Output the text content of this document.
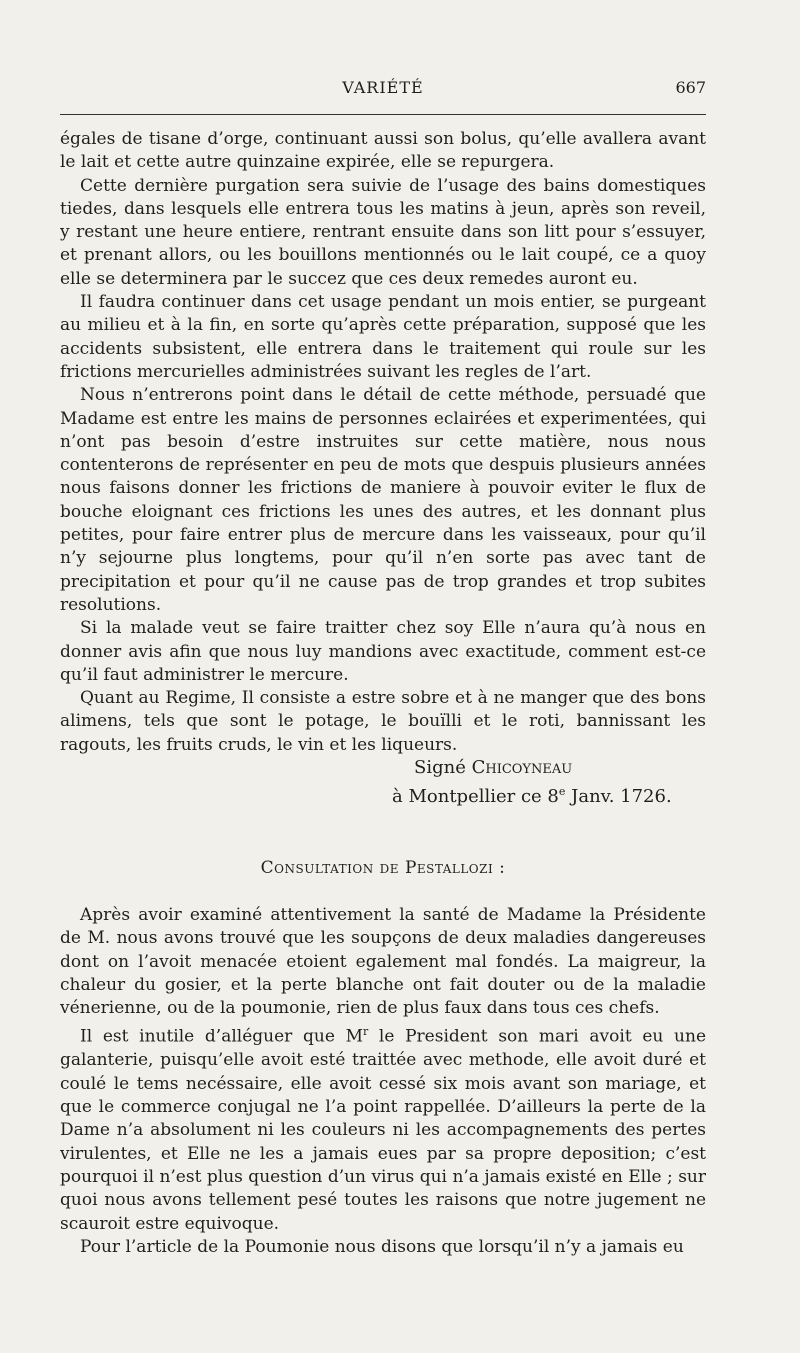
VARIÉTÉ	667

égales de tisane d’orge, continuant aussi son bolus, qu’elle avallera avant le lait et cette autre quinzaine expirée, elle se repurgera.

Cette dernière purgation sera suivie de l’usage des bains domestiques tiedes, dans lesquels elle entrera tous les matins à jeun, après son reveil, y restant une heure entiere, rentrant ensuite dans son litt pour s’essuyer, et prenant allors, ou les bouillons mentionnés ou le lait coupé, ce a quoy elle se determinera par le succez que ces deux remedes auront eu.

Il faudra continuer dans cet usage pendant un mois entier, se purgeant au milieu et à la fin, en sorte qu’après cette préparation, supposé que les accidents subsistent, elle entrera dans le traitement qui roule sur les frictions mercurielles administrées suivant les regles de l’art.

Nous n’entrerons point dans le détail de cette méthode, persuadé que Madame est entre les mains de personnes eclairées et experimentées, qui n’ont pas besoin d’estre instruites sur cette matière, nous nous contenterons de représenter en peu de mots que despuis plusieurs années nous faisons donner les frictions de maniere à pouvoir eviter le flux de bouche eloignant ces frictions les unes des autres, et les donnant plus petites, pour faire entrer plus de mercure dans les vaisseaux, pour qu’il n’y sejourne plus longtems, pour qu’il n’en sorte pas avec tant de precipitation et pour qu’il ne cause pas de trop grandes et trop subites resolutions.

Si la malade veut se faire traitter chez soy Elle n’aura qu’à nous en donner avis afin que nous luy mandions avec exactitude, comment est-ce qu’il faut administrer le mercure.

Quant au Regime, Il consiste a estre sobre et à ne manger que des bons alimens, tels que sont le potage, le bouïlli et le roti, bannissant les ragouts, les fruits cruds, le vin et les liqueurs.

Signé Chicoyneau
à Montpellier ce 8e Janv. 1726.
Consultation de Pestallozi :

Après avoir examiné attentivement la santé de Madame la Présidente de M. nous avons trouvé que les soupçons de deux maladies dangereuses dont on l’avoit menacée etoient egalement mal fondés. La maigreur, la chaleur du gosier, et la perte blanche ont fait douter ou de la maladie vénerienne, ou de la poumonie, rien de plus faux dans tous ces chefs.

Il est inutile d’alléguer que $M^r$ le President son mari avoit eu une galanterie, puisqu’elle avoit esté traittée avec methode, elle avoit duré et coulé le tems necéssaire, elle avoit cessé six mois avant son mariage, et que le commerce conjugal ne l’a point rappellée. D’ailleurs la perte de la Dame n’a absolument ni les couleurs ni les accompagnements des pertes virulentes, et Elle ne les a jamais eues par sa propre deposition; c’est pourquoi il n’est plus question d’un virus qui n’a jamais existé en Elle ; sur quoi nous avons tellement pesé toutes les raisons que notre jugement ne scauroit estre equivoque.

Pour l’article de la Poumonie nous disons que lorsqu’il n’y a jamais eu
